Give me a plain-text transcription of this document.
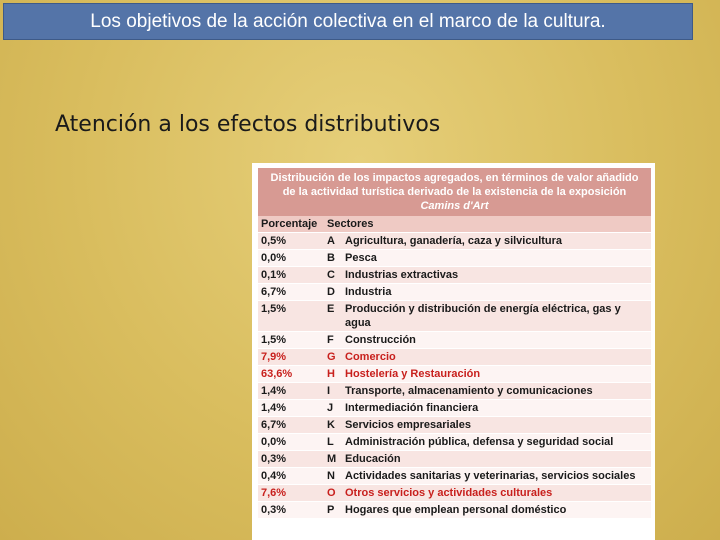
Los objetivos de la acción colectiva en el marco de la cultura.
Atención a los efectos distributivos
Distribución de los impactos agregados, en términos de valor añadido de la actividad turística derivado de la existencia de la exposición Camins d'Art		
Porcentaje	Sectores	
0,5%	A	Agricultura, ganadería, caza y silvicultura
0,0%	B	Pesca
0,1%	C	Industrias extractivas
6,7%	D	Industria
1,5%	E	Producción y distribución de energía eléctrica, gas y agua
1,5%	F	Construcción
7,9%	G	Comercio
63,6%	H	Hostelería y Restauración
1,4%	I	Transporte, almacenamiento y comunicaciones
1,4%	J	Intermediación financiera
6,7%	K	Servicios empresariales
0,0%	L	Administración pública, defensa y seguridad social
0,3%	M	Educación
0,4%	N	Actividades sanitarias y veterinarias, servicios sociales
7,6%	O	Otros servicios y actividades culturales
0,3%	P	Hogares que emplean personal doméstico
